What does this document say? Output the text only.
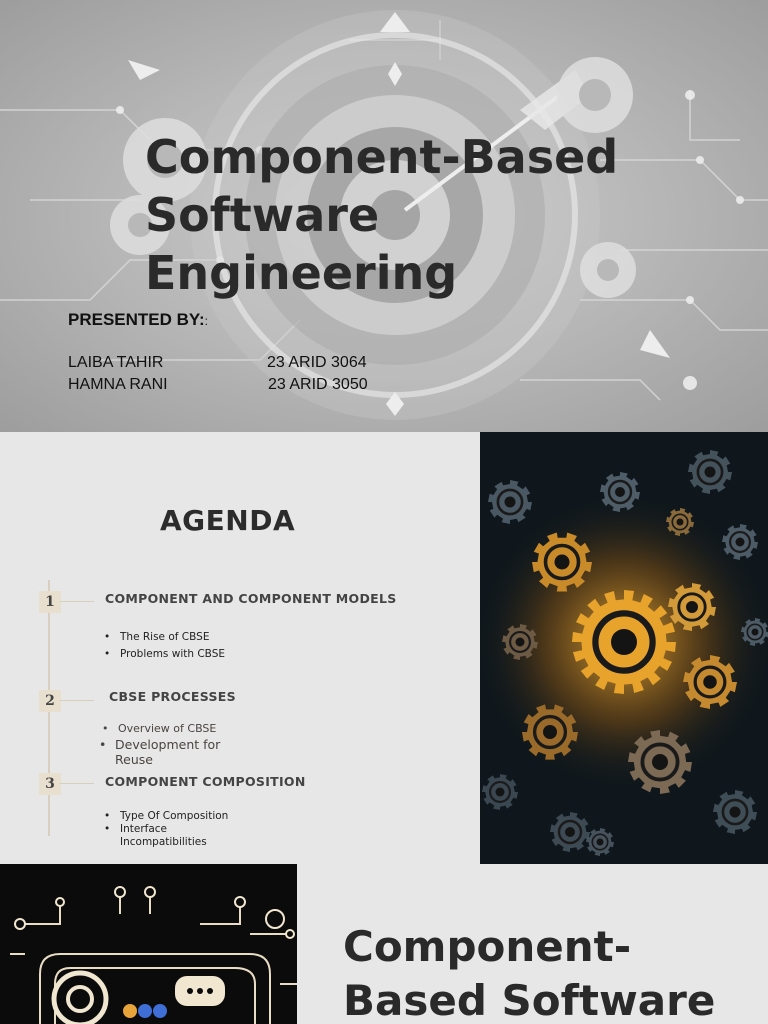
Component-Based Software Engineering
PRESENTED BY::
LAIBA TAHIR	23 ARID 3064
HAMNA RANI	23 ARID 3050
AGENDA
1	COMPONENT AND COMPONENT MODELS
• The Rise of CBSE
• Problems with CBSE
2	CBSE PROCESSES
• Overview of CBSE
• Development for Reuse
3	COMPONENT COMPOSITION
• Type Of Composition
• Interface Incompatibilities
Component-Based Software
